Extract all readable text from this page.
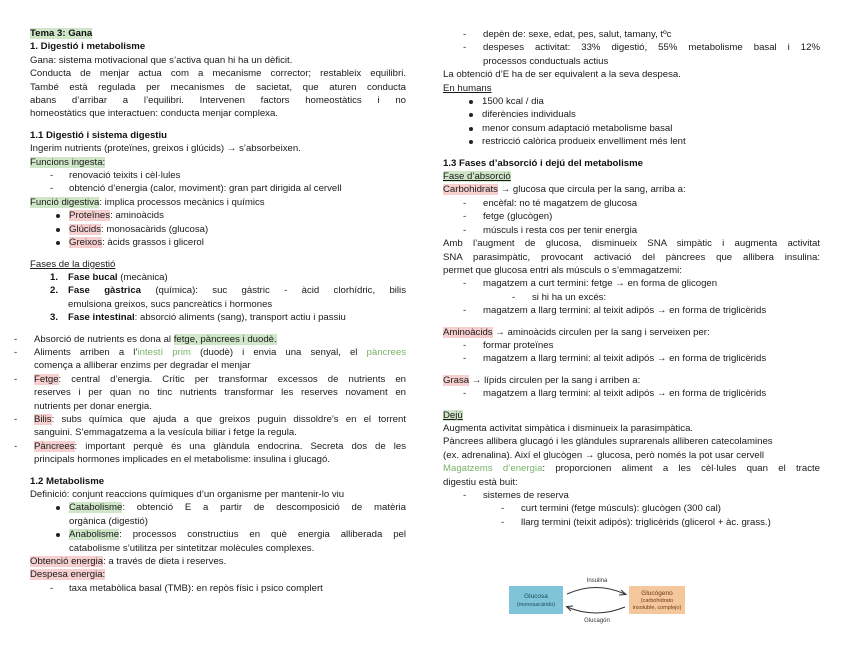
Tema 3: Gana
1. Digestió i metabolisme
Gana: sistema motivacional que s’activa quan hi ha un dèficit.
Conducta de menjar actua com a mecanisme corrector; restableix equilibri.
També està regulada per mecanismes de sacietat, que aturen conducta
abans d’arribar a l’equilibri. Intervenen factors homeostàtics i no
homeostàtics que interactuen: conducta menjar complexa.
1.1 Digestió i sistema digestiu
Ingerim nutrients (proteïnes, greixos i glúcids) → s’absorbeixen.
Funcions ingesta:
- renovació teixits i cèl·lules
- obtenció d’energia (calor, moviment): gran part dirigida al cervell
Funció digestiva: implica processos mecànics i químics
Proteïnes: aminoàcids
Glúcids: monosacàrids (glucosa)
Greixos: àcids grassos i glicerol
Fases de la digestió
1. Fase bucal (mecànica)
2. Fase gàstrica (química): suc gàstric - àcid clorhídric, bilis
emulsiona greixos, sucs pancreàtics i hormones
3. Fase intestinal: absorció aliments (sang), transport actiu i passiu
- Absorció de nutrients es dona al fetge, pàncrees i duodè.
- Aliments arriben a l’intestí prim (duodè) i envia una senyal, el pàncrees
comença a alliberar enzims per degradar el menjar
- Fetge: central d’energia. Crític per transformar excessos de nutrients en
reserves i per quan no tinc nutrients transformar les reserves novament en
nutrients per donar energia.
- Bilis: subs química que ajuda a que greixos puguin dissoldre’s en el torrent
sanguini. S’emmagatzema a la vesícula biliar i fetge la regula.
- Pàncrees: important perquè és una glàndula endocrina. Secreta dos de les
principals hormones implicades en el metabolisme: insulina i glucagó.
1.2 Metabolisme
Definició: conjunt reaccions químiques d’un organisme per mantenir-lo viu
Catabolisme: obtenció E a partir de descomposició de matèria
orgànica (digestió)
Anabolisme: processos constructius en què energia alliberada pel
catabolisme s’utilitza per sintetitzar molècules complexes.
Obtenció energia: a través de dieta i reserves.
Despesa energia:
- taxa metabòlica basal (TMB): en repòs físic i psico complert
- depèn de: sexe, edat, pes, salut, tamany, tºc
- despeses activitat: 33% digestió, 55% metabolisme basal i 12%
processos conductuals actius
La obtenció d’E ha de ser equivalent a la seva despesa.
En humans
1500 kcal / dia
diferències individuals
menor consum adaptació metabolisme basal
restricció calòrica produeix envelliment més lent
1.3 Fases d’absorció i dejú del metabolisme
Fase d’absorció
Carbohidrats → glucosa que circula per la sang, arriba a:
- encèfal: no té magatzem de glucosa
- fetge (glucògen)
- músculs i resta cos per tenir energia
Amb l’augment de glucosa, disminueix SNA simpàtic i augmenta activitat
SNA parasimpàtic, provocant activació del pàncrees que allibera insulina:
permet que glucosa entri als músculs o s’emmagatzemi:
- magatzem a curt termini: fetge → en forma de glicogen
- si hi ha un excés:
- magatzem a llarg termini: al teixit adipós → en forma de triglicèrids
Aminoàcids → aminoàcids circulen per la sang i serveixen per:
- formar proteïnes
- magatzem a llarg termini: al teixit adipós → en forma de triglicèrids
Grasa → lípids circulen per la sang i arriben a:
- magatzem a llarg termini: al teixit adipós → en forma de triglicèrids
Dejú
Augmenta activitat simpàtica i disminueix la parasimpàtica.
Pàncrees allibera glucagó i les glàndules suprarenals alliberen catecolamines
(ex. adrenalina). Així el glucògen → glucosa, però només la pot usar cervell
Magatzems d’energia: proporcionen aliment a les cèl·lules quan el tracte
digestiu està buit:
- sistemes de reserva
- curt termini (fetge músculs): glucògen (300 cal)
- llarg termini (teixit adipós): triglicèrids (glicerol + àc. grass.)
Glucosa
(monosacárido)
Glucógeno
(carbohidrato
insoluble, complejo)
Insulina
Glucagón
